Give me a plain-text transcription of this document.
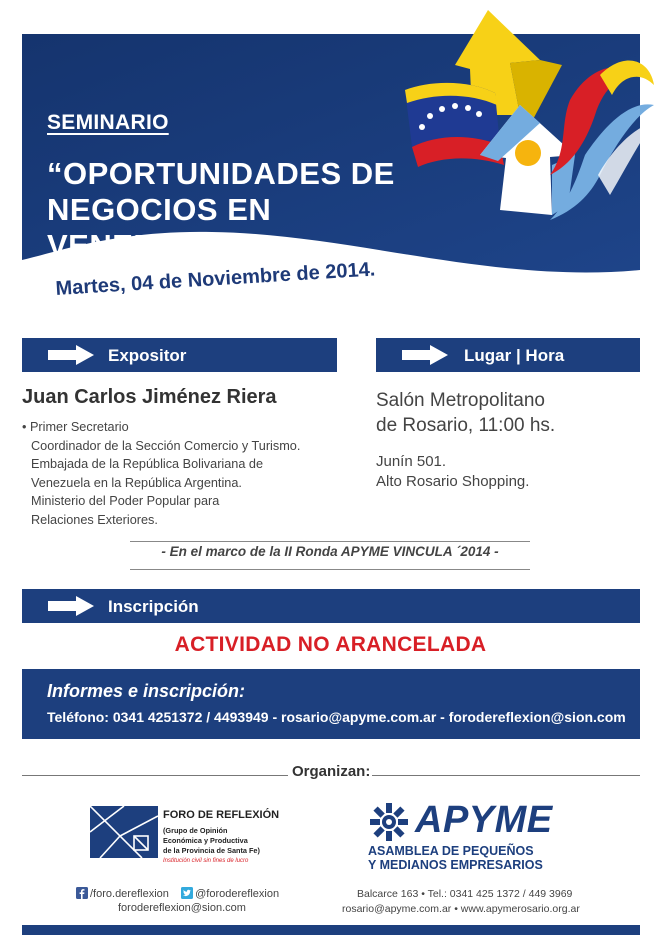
SEMINARIO
“OPORTUNIDADES DE
NEGOCIOS EN VENEZUELA”
Martes, 04 de Noviembre de 2014.
Expositor	Lugar | Hora
Juan Carlos Jiménez Riera
• Primer Secretario
Coordinador de la Sección Comercio y Turismo.
Embajada de la República Bolivariana de
Venezuela en la República Argentina.
Ministerio del Poder Popular para
Relaciones Exteriores.
Salón Metropolitano
de Rosario, 11:00 hs.
Junín 501.
Alto Rosario Shopping.
- En el marco de la II Ronda APYME VINCULA ´2014 -
Inscripción
ACTIVIDAD NO ARANCELADA
Informes e inscripción:
Teléfono: 0341 4251372 / 4493949 - rosario@apyme.com.ar - forodereflexion@sion.com
Organizan:
FORO DE REFLEXIÓN
(Grupo de Opinión
Económica y Productiva
de la Provincia de Santa Fe)
Institución civil sin fines de lucro
APYME
ASAMBLEA DE PEQUEÑOS
Y MEDIANOS EMPRESARIOS
/foro.dereflexion @forodereflexion
forodereflexion@sion.com
Balcarce 163 • Tel.: 0341 425 1372 / 449 3969
rosario@apyme.com.ar • www.apymerosario.org.ar
